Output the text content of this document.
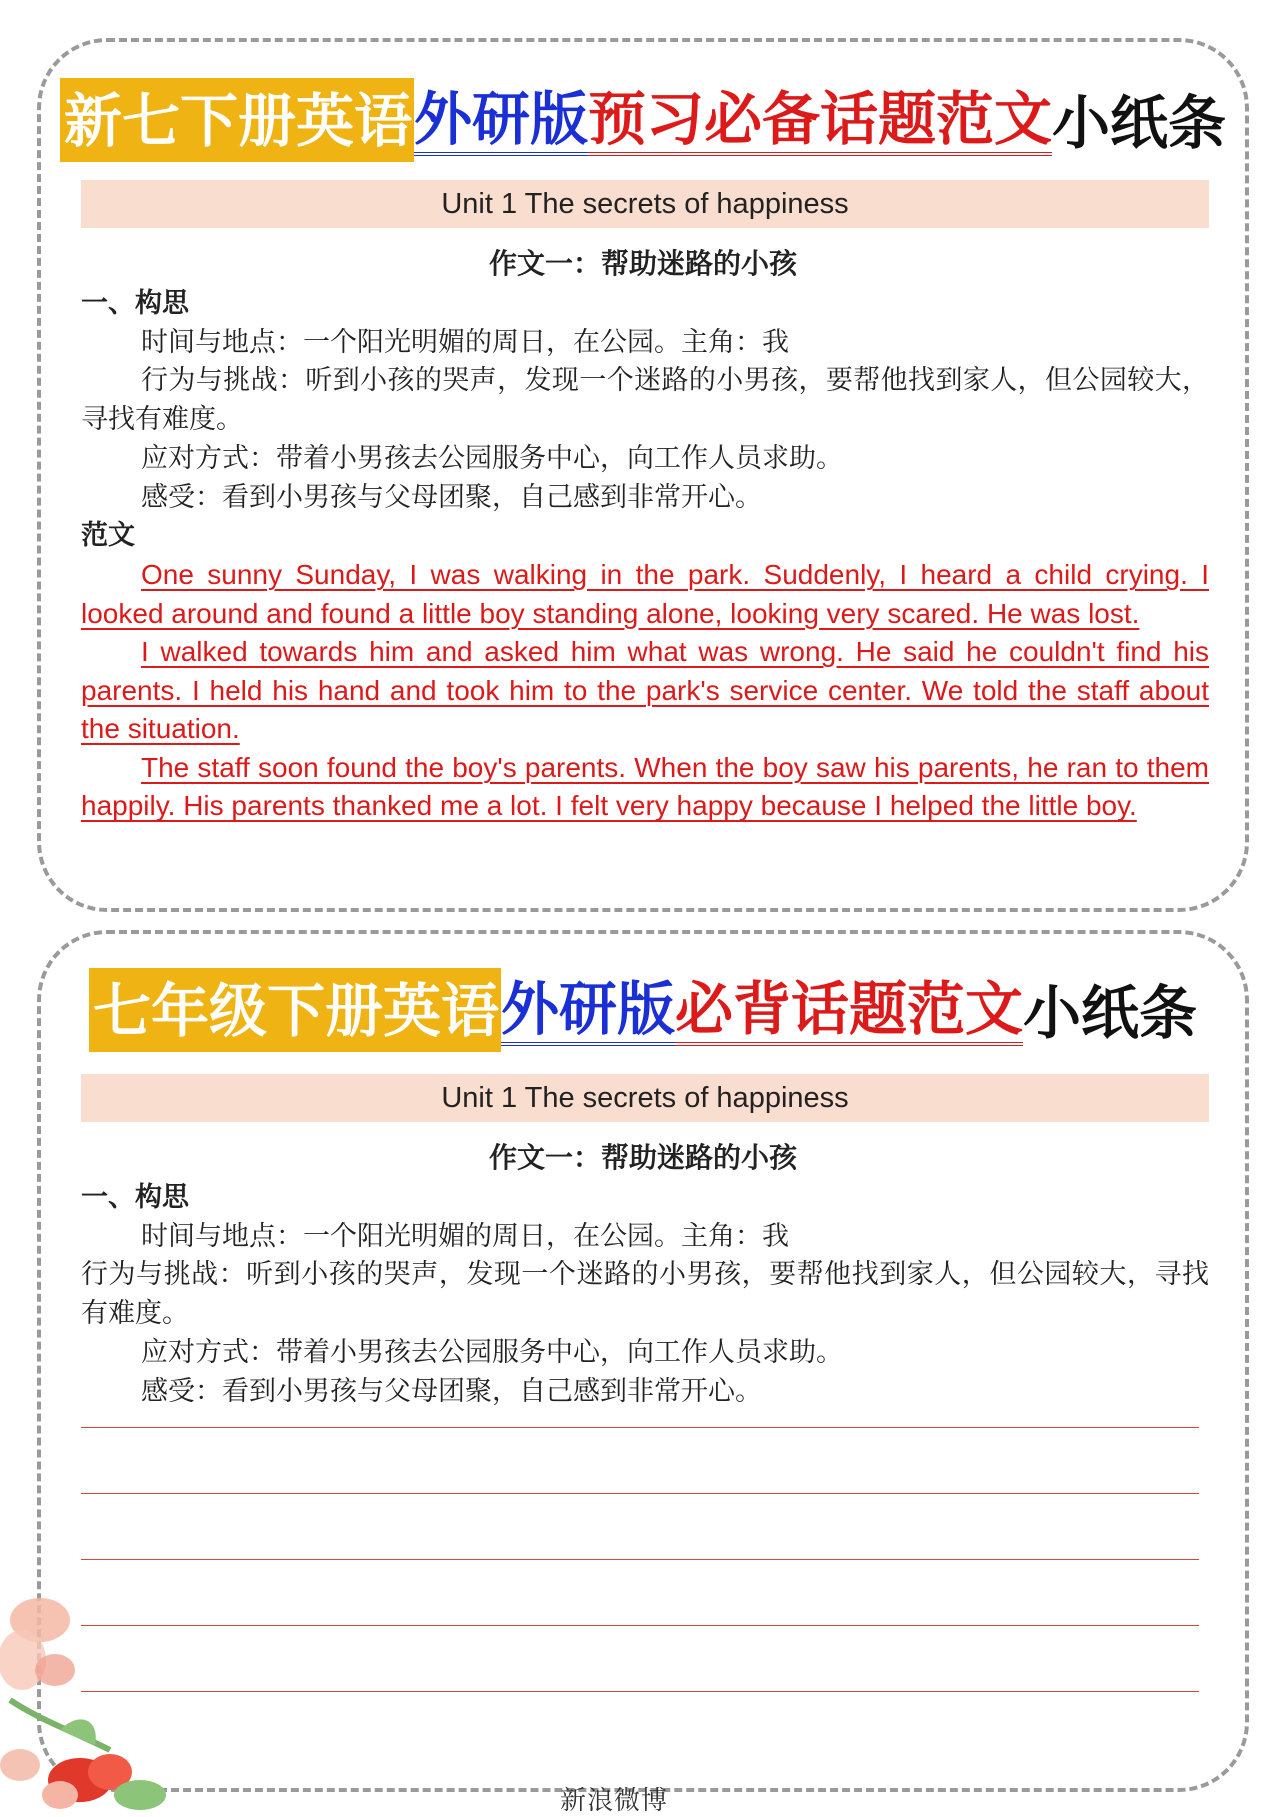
新七下册英语 外研版 预习必备话题范文 小纸条
Unit 1 The secrets of happiness
作文一：帮助迷路的小孩

一、构思

时间与地点：一个阳光明媚的周日，在公园。主角：我

行为与挑战：听到小孩的哭声，发现一个迷路的小男孩，要帮他找到家人，但公园较大，寻找有难度。

应对方式：带着小男孩去公园服务中心，向工作人员求助。

感受：看到小男孩与父母团聚，自己感到非常开心。

范文

One sunny Sunday, I was walking in the park. Suddenly, I heard a child crying. I looked around and found a little boy standing alone, looking very scared. He was lost.

I walked towards him and asked him what was wrong. He said he couldn't find his parents. I held his hand and took him to the park's service center. We told the staff about the situation.

The staff soon found the boy's parents. When the boy saw his parents, he ran to them happily. His parents thanked me a lot. I felt very happy because I helped the little boy.

七年级下册英语 外研版 必背话题范文 小纸条
Unit 1 The secrets of happiness
作文一：帮助迷路的小孩

一、构思

时间与地点：一个阳光明媚的周日，在公园。主角：我

行为与挑战：听到小孩的哭声，发现一个迷路的小男孩，要帮他找到家人，但公园较大，寻找有难度。

应对方式：带着小男孩去公园服务中心，向工作人员求助。

感受：看到小男孩与父母团聚，自己感到非常开心。

新浪微博
